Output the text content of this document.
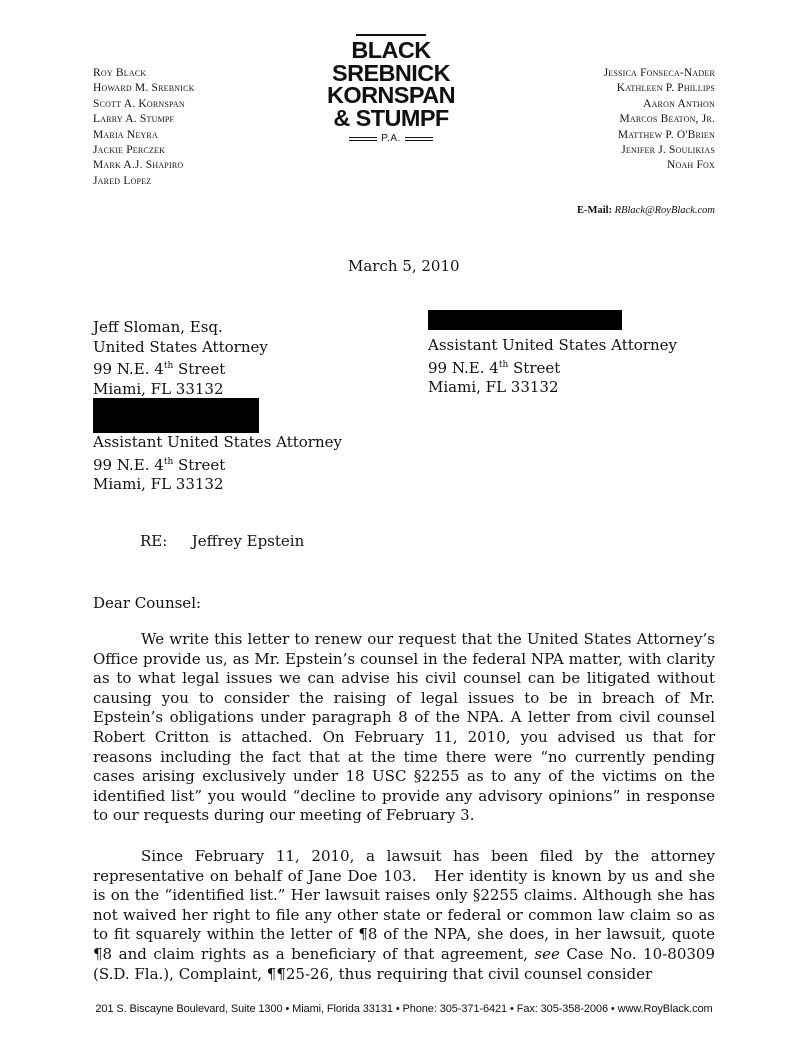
Roy Black
Howard M. Srebnick
Scott A. Kornspan
Larry A. Stumpf
Maria Neyra
Jackie Perczek
Mark A.J. Shapiro
Jared Lopez
BLACK
SREBNICK
KORNSPAN
& STUMPF
P.A.
Jessica Fonseca-Nader
Kathleen P. Phillips
Aaron Anthon
Marcos Beaton, Jr.
Matthew P. O'Brien
Jenifer J. Soulikias
Noah Fox
E-Mail: RBlack@RoyBlack.com
March 5, 2010
Jeff Sloman, Esq.
United States Attorney
99 N.E. 4th Street
Miami, FL 33132
Assistant United States Attorney
99 N.E. 4th Street
Miami, FL 33132
Assistant United States Attorney
99 N.E. 4th Street
Miami, FL 33132
RE: Jeffrey Epstein
Dear Counsel:

We write this letter to renew our request that the United States Attorney’s Office provide us, as Mr. Epstein’s counsel in the federal NPA matter, with clarity as to what legal issues we can advise his civil counsel can be litigated without causing you to consider the raising of legal issues to be in breach of Mr. Epstein’s obligations under paragraph 8 of the NPA. A letter from civil counsel Robert Critton is attached. On February 11, 2010, you advised us that for reasons including the fact that at the time there were “no currently pending cases arising exclusively under 18 USC §2255 as to any of the victims on the identified list” you would “decline to provide any advisory opinions” in response to our requests during our meeting of February 3.

Since February 11, 2010, a lawsuit has been filed by the attorney representative on behalf of Jane Doe 103.   Her identity is known by us and she is on the “identified list.” Her lawsuit raises only §2255 claims. Although she has not waived her right to file any other state or federal or common law claim so as to fit squarely within the letter of ¶8 of the NPA, she does, in her lawsuit, quote ¶8 and claim rights as a beneficiary of that agreement, see Case No. 10-80309 (S.D. Fla.), Complaint, ¶¶25-26, thus requiring that civil counsel consider

201 S. Biscayne Boulevard, Suite 1300 • Miami, Florida 33131 • Phone: 305-371-6421 • Fax: 305-358-2006 • www.RoyBlack.com
